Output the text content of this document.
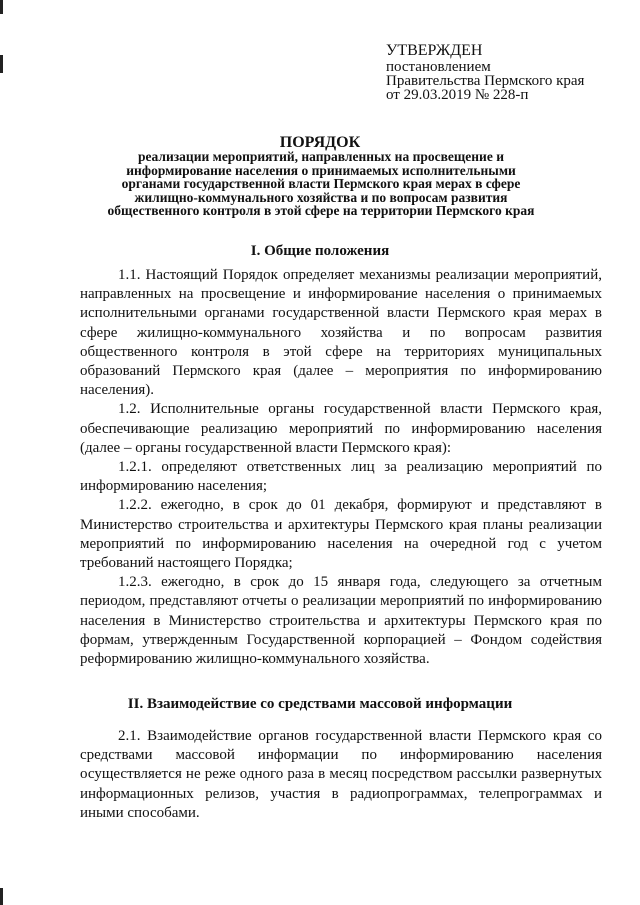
УТВЕРЖДЕН
постановлением
Правительства Пермского края
от 29.03.2019 № 228-п
ПОРЯДОК
реализации мероприятий, направленных на просвещение и информирование населения о принимаемых исполнительными органами государственной власти Пермского края мерах в сфере жилищно-коммунального хозяйства и по вопросам развития общественного контроля в этой сфере на территории Пермского края
I. Общие положения

1.1. Настоящий Порядок определяет механизмы реализации мероприятий, направленных на просвещение и информирование населения о принимаемых исполнительными органами государственной власти Пермского края мерах в сфере жилищно-коммунального хозяйства и по вопросам развития общественного контроля в этой сфере на территориях муниципальных образований Пермского края (далее – мероприятия по информированию населения).

1.2. Исполнительные органы государственной власти Пермского края, обеспечивающие реализацию мероприятий по информированию населения (далее – органы государственной власти Пермского края):

1.2.1. определяют ответственных лиц за реализацию мероприятий по информированию населения;

1.2.2. ежегодно, в срок до 01 декабря, формируют и представляют в Министерство строительства и архитектуры Пермского края планы реализации мероприятий по информированию населения на очередной год с учетом требований настоящего Порядка;

1.2.3. ежегодно, в срок до 15 января года, следующего за отчетным периодом, представляют отчеты о реализации мероприятий по информированию населения в Министерство строительства и архитектуры Пермского края по формам, утвержденным Государственной корпорацией – Фондом содействия реформированию жилищно-коммунального хозяйства.

II. Взаимодействие со средствами массовой информации

2.1. Взаимодействие органов государственной власти Пермского края со средствами массовой информации по информированию населения осуществляется не реже одного раза в месяц посредством рассылки развернутых информационных релизов, участия в радиопрограммах, телепрограммах и иными способами.
